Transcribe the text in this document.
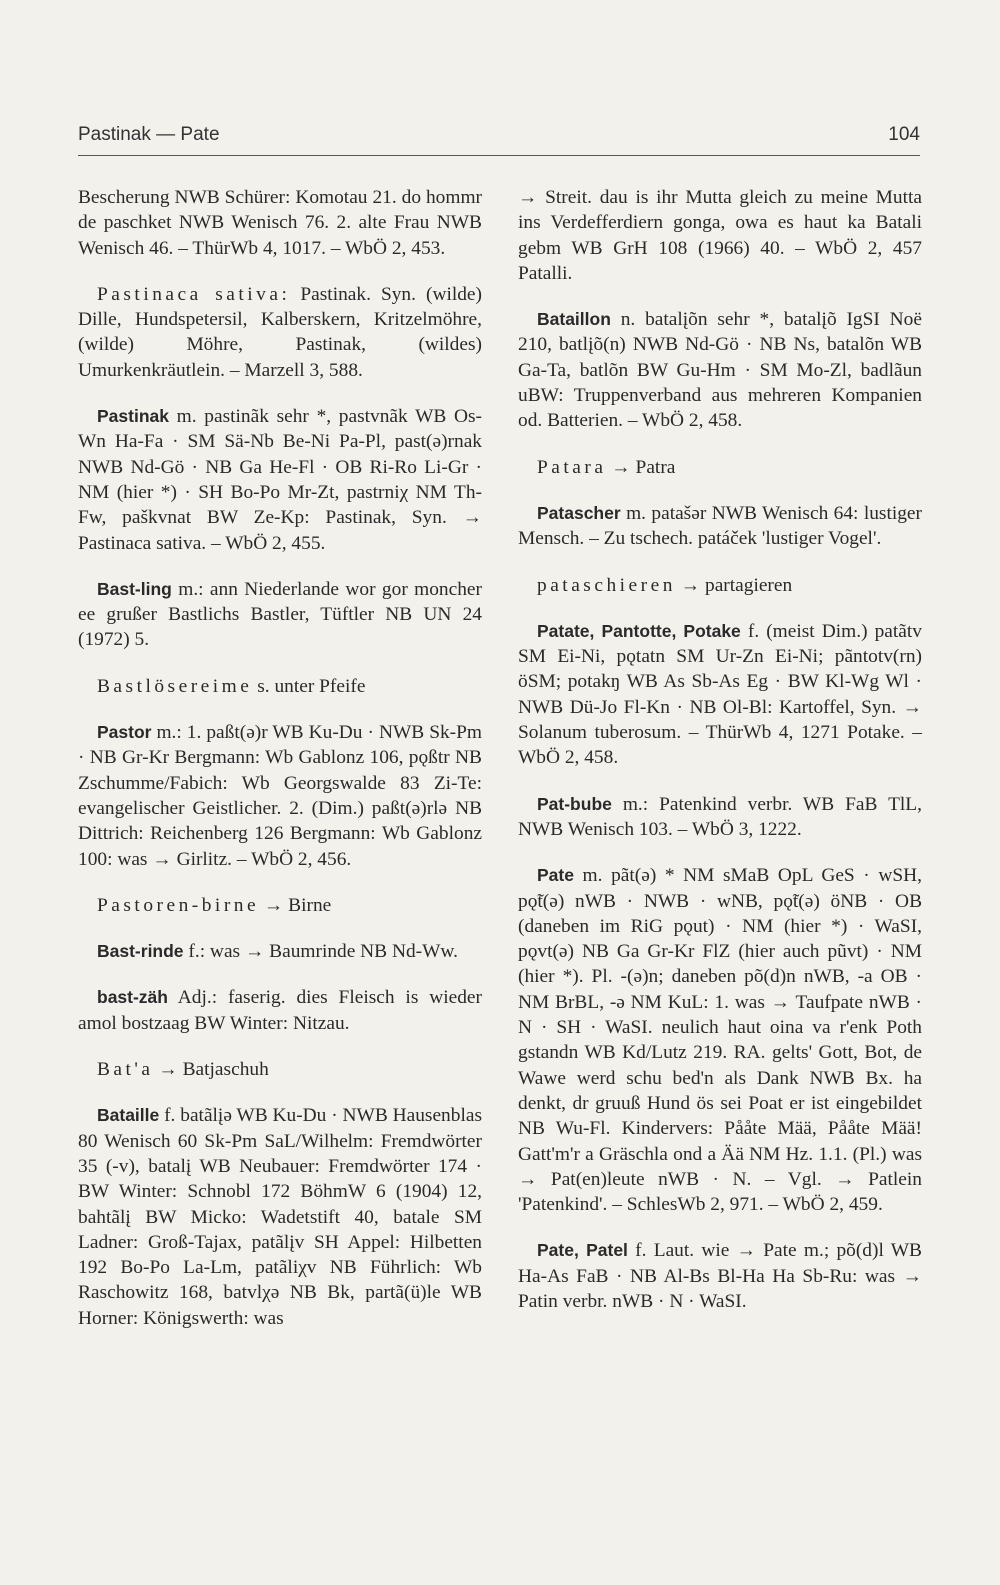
Pastinak — Pate	104

Bescherung NWB Schürer: Komotau 21. do hommr de paschket NWB Wenisch 76. 2. alte Frau NWB Wenisch 46. – ThürWb 4, 1017. – WbÖ 2, 453.

Pastinaca sativa: Pastinak. Syn. (wilde) Dille, Hundspetersil, Kalberskern, Kritzelmöhre, (wilde) Möhre, Pastinak, (wildes) Umurkenkräutlein. – Marzell 3, 588.

Pastinak m. pastinãk sehr *, pastvnãk WB Os-Wn Ha-Fa · SM Sä-Nb Be-Ni Pa-Pl, past(ə)rnak NWB Nd-Gö · NB Ga He-Fl · OB Ri-Ro Li-Gr · NM (hier *) · SH Bo-Po Mr-Zt, pastrniχ NM Th-Fw, paškvnat BW Ze-Kp: Pastinak, Syn. → Pastinaca sativa. – WbÖ 2, 455.

Bast-ling m.: ann Niederlande wor gor moncher ee grußer Bastlichs Bastler, Tüftler NB UN 24 (1972) 5.

Bastlösereime s. unter Pfeife

Pastor m.: 1. paßt(ə)r WB Ku-Du · NWB Sk-Pm · NB Gr-Kr Bergmann: Wb Gablonz 106, pǫßtr NB Zschumme/Fabich: Wb Georgswalde 83 Zi-Te: evangelischer Geistlicher. 2. (Dim.) paßt(ə)rlə NB Dittrich: Reichenberg 126 Bergmann: Wb Gablonz 100: was → Girlitz. – WbÖ 2, 456.

Pastoren-birne → Birne

Bast-rinde f.: was → Baumrinde NB Nd-Ww.

bast-zäh Adj.: faserig. dies Fleisch is wieder amol bostzaag BW Winter: Nitzau.

Bat'a → Batjaschuh

Bataille f. batãlįə WB Ku-Du · NWB Hausenblas 80 Wenisch 60 Sk-Pm SaL/Wilhelm: Fremdwörter 35 (-v), batalį WB Neubauer: Fremdwörter 174 · BW Winter: Schnobl 172 BöhmW 6 (1904) 12, bahtãlį BW Micko: Wadetstift 40, batale SM Ladner: Groß-Tajax, patãlįv SH Appel: Hilbetten 192 Bo-Po La-Lm, patãliχv NB Führlich: Wb Raschowitz 168, batvlχə NB Bk, partã(ü)le WB Horner: Königswerth: was

→ Streit. dau is ihr Mutta gleich zu meine Mutta ins Verdefferdiern gonga, owa es haut ka Batali gebm WB GrH 108 (1966) 40. – WbÖ 2, 457 Patalli.

Bataillon n. batalįõn sehr *, batalįõ IgSI Noë 210, batlįõ(n) NWB Nd-Gö · NB Ns, batalõn WB Ga-Ta, batlõn BW Gu-Hm · SM Mo-Zl, badlãun uBW: Truppenverband aus mehreren Kompanien od. Batterien. – WbÖ 2, 458.

Patara → Patra

Patascher m. patašər NWB Wenisch 64: lustiger Mensch. – Zu tschech. patáček 'lustiger Vogel'.

pataschieren → partagieren

Patate, Pantotte, Potake f. (meist Dim.) patãtv SM Ei-Ni, pǫtatn SM Ur-Zn Ei-Ni; pãntotv(rn) öSM; potakŋ WB As Sb-As Eg · BW Kl-Wg Wl · NWB Dü-Jo Fl-Kn · NB Ol-Bl: Kartoffel, Syn. → Solanum tuberosum. – ThürWb 4, 1271 Potake. – WbÖ 2, 458.

Pat-bube m.: Patenkind verbr. WB FaB TlL, NWB Wenisch 103. – WbÖ 3, 1222.

Pate m. pãt(ə) * NM sMaB OpL GeS · wSH, pǫ̃t(ə) nWB · NWB · wNB, pǫ̃t(ə) öNB · OB (daneben im RiG pǫut) · NM (hier *) · WaSI, pǫvt(ə) NB Ga Gr-Kr FlZ (hier auch pũvt) · NM (hier *). Pl. -(ə)n; daneben põ(d)n nWB, -a OB · NM BrBL, -ə NM KuL: 1. was → Taufpate nWB · N · SH · WaSI. neulich haut oina va r'enk Poth gstandn WB Kd/Lutz 219. RA. gelts' Gott, Bot, de Wawe werd schu bed'n als Dank NWB Bx. ha denkt, dr gruuß Hund ös sei Poat er ist eingebildet NB Wu-Fl. Kindervers: Pååte Mää, Pååte Mää! Gatt'm'r a Gräschla ond a Ää NM Hz. 1.1. (Pl.) was → Pat(en)leute nWB · N. – Vgl. → Patlein 'Patenkind'. – SchlesWb 2, 971. – WbÖ 2, 459.

Pate, Patel f. Laut. wie → Pate m.; põ(d)l WB Ha-As FaB · NB Al-Bs Bl-Ha Ha Sb-Ru: was → Patin verbr. nWB · N · WaSI.
